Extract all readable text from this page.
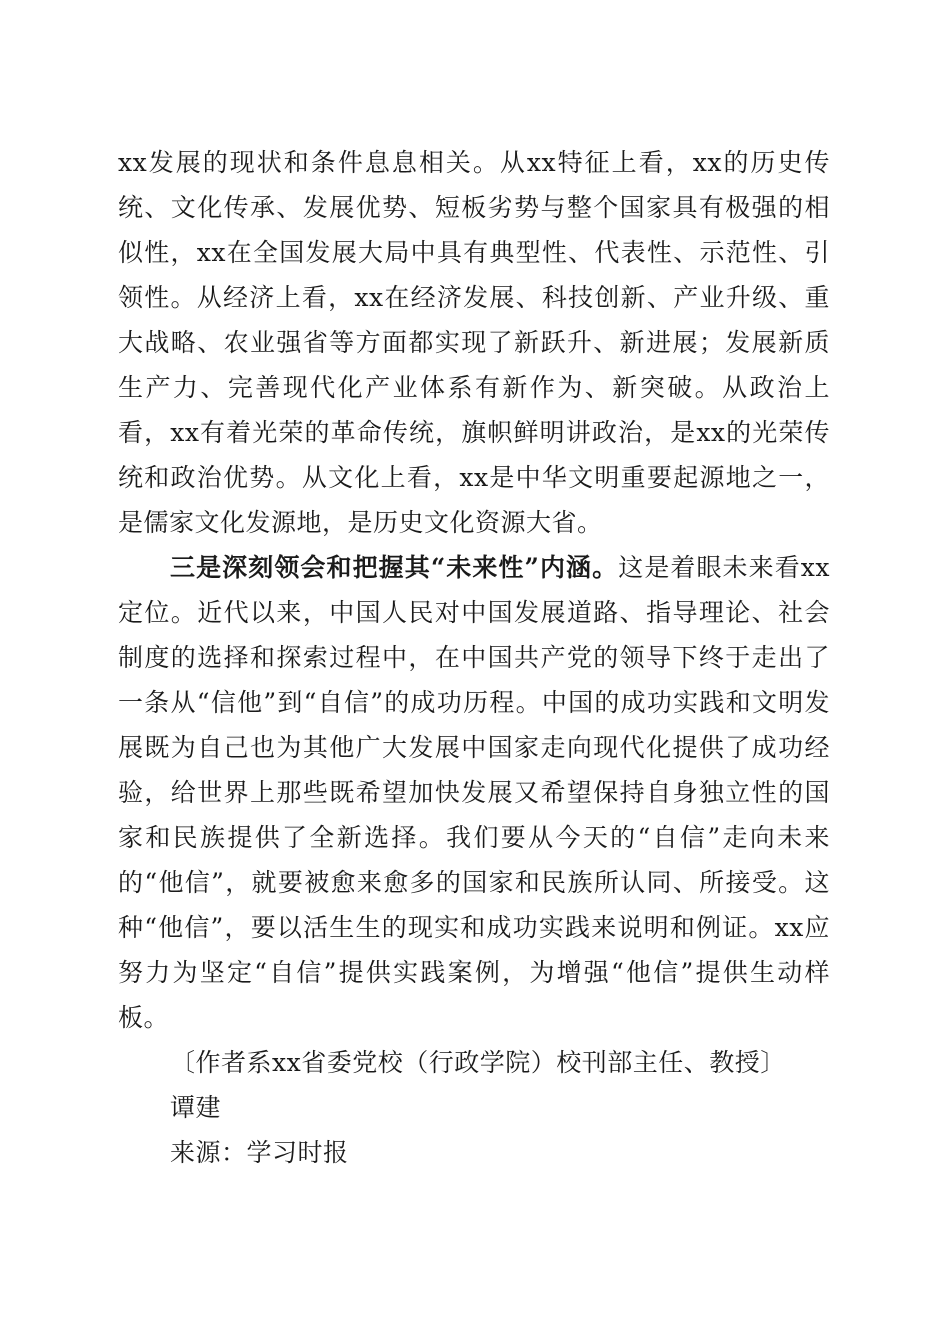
xx发展的现状和条件息息相关。从xx特征上看，xx的历史传统、文化传承、发展优势、短板劣势与整个国家具有极强的相似性，xx在全国发展大局中具有典型性、代表性、示范性、引领性。从经济上看，xx在经济发展、科技创新、产业升级、重大战略、农业强省等方面都实现了新跃升、新进展；发展新质生产力、完善现代化产业体系有新作为、新突破。从政治上看，xx有着光荣的革命传统，旗帜鲜明讲政治，是xx的光荣传统和政治优势。从文化上看，xx是中华文明重要起源地之一，是儒家文化发源地，是历史文化资源大省。

三是深刻领会和把握其“未来性”内涵。这是着眼未来看xx定位。近代以来，中国人民对中国发展道路、指导理论、社会制度的选择和探索过程中，在中国共产党的领导下终于走出了一条从“信他”到“自信”的成功历程。中国的成功实践和文明发展既为自己也为其他广大发展中国家走向现代化提供了成功经验，给世界上那些既希望加快发展又希望保持自身独立性的国家和民族提供了全新选择。我们要从今天的“自信”走向未来的“他信”，就要被愈来愈多的国家和民族所认同、所接受。这种“他信”，要以活生生的现实和成功实践来说明和例证。xx应努力为坚定“自信”提供实践案例，为增强“他信”提供生动样板。

〔作者系xx省委党校（行政学院）校刊部主任、教授〕

谭建

来源：学习时报
